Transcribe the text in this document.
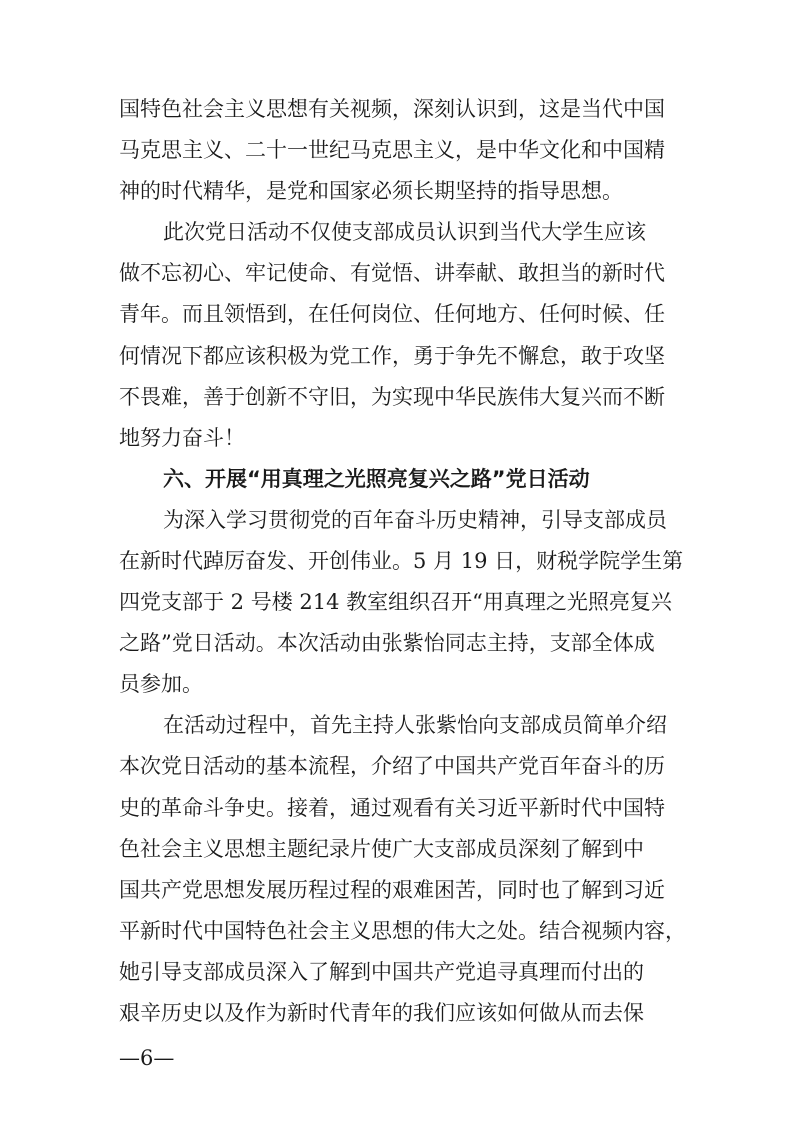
国特色社会主义思想有关视频，深刻认识到，这是当代中国

马克思主义、二十一世纪马克思主义，是中华文化和中国精

神的时代精华，是党和国家必须长期坚持的指导思想。

此次党日活动不仅使支部成员认识到当代大学生应该

做不忘初心、牢记使命、有觉悟、讲奉献、敢担当的新时代

青年。而且领悟到，在任何岗位、任何地方、任何时候、任

何情况下都应该积极为党工作，勇于争先不懈怠，敢于攻坚

不畏难，善于创新不守旧，为实现中华民族伟大复兴而不断

地努力奋斗！

六、开展“用真理之光照亮复兴之路”党日活动

为深入学习贯彻党的百年奋斗历史精神，引导支部成员

在新时代踔厉奋发、开创伟业。5 月 19 日，财税学院学生第

四党支部于 2 号楼 214 教室组织召开“用真理之光照亮复兴

之路”党日活动。本次活动由张紫怡同志主持，支部全体成

员参加。

在活动过程中，首先主持人张紫怡向支部成员简单介绍

本次党日活动的基本流程，介绍了中国共产党百年奋斗的历

史的革命斗争史。接着，通过观看有关习近平新时代中国特

色社会主义思想主题纪录片使广大支部成员深刻了解到中

国共产党思想发展历程过程的艰难困苦，同时也了解到习近

平新时代中国特色社会主义思想的伟大之处。结合视频内容，

她引导支部成员深入了解到中国共产党追寻真理而付出的

艰辛历史以及作为新时代青年的我们应该如何做从而去保

—6—
